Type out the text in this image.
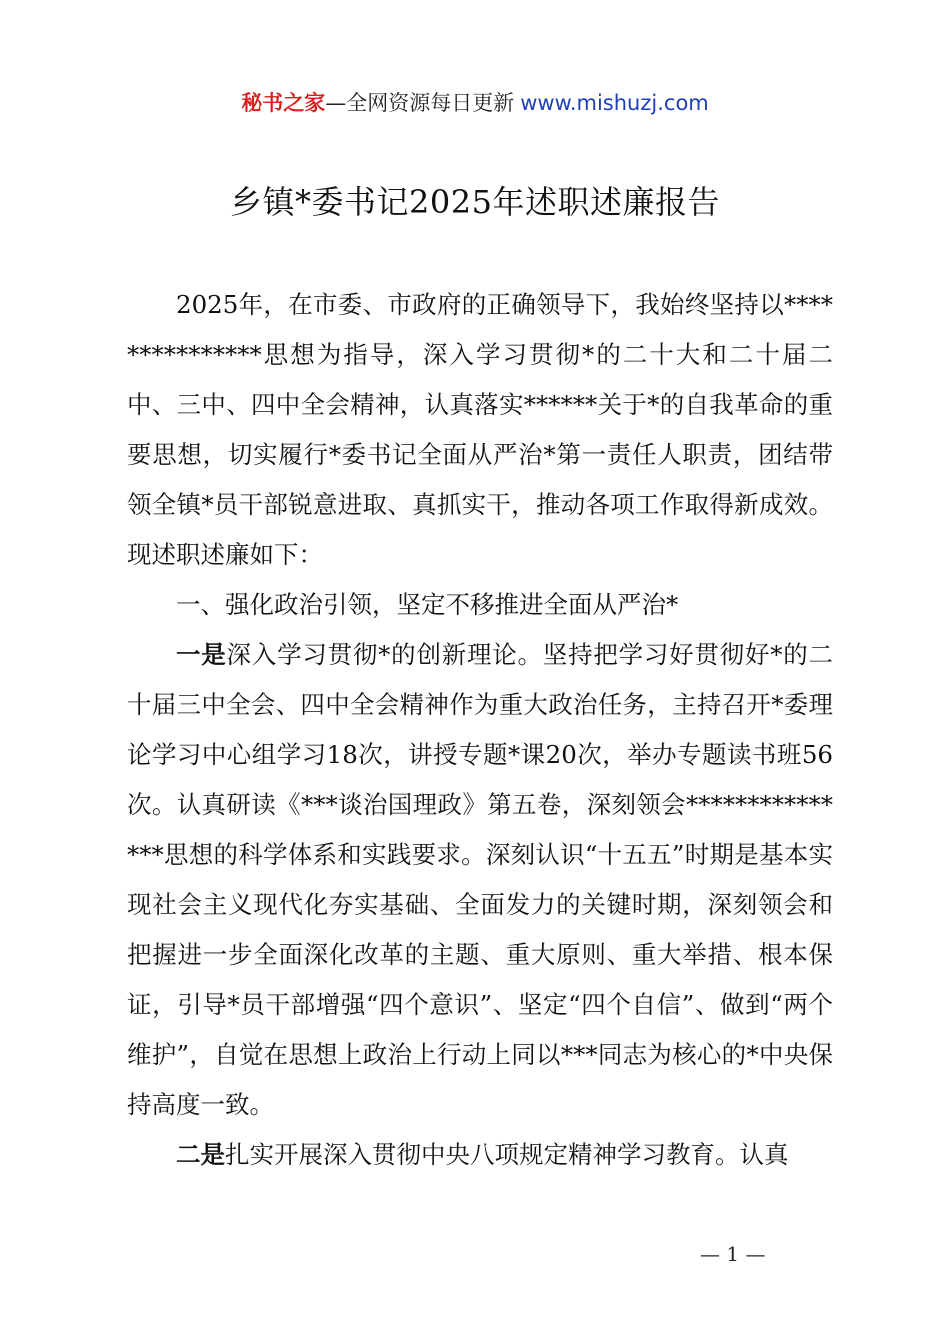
秘书之家—全网资源每日更新 www.mishuzj.com
乡镇*委书记2025年述职述廉报告

2025年，在市委、市政府的正确领导下，我始终坚持以***************思想为指导，深入学习贯彻*的二十大和二十届二中、三中、四中全会精神，认真落实******关于*的自我革命的重要思想，切实履行*委书记全面从严治*第一责任人职责，团结带领全镇*员干部锐意进取、真抓实干，推动各项工作取得新成效。现述职述廉如下：

一、强化政治引领，坚定不移推进全面从严治*

一是深入学习贯彻*的创新理论。坚持把学习好贯彻好*的二十届三中全会、四中全会精神作为重大政治任务，主持召开*委理论学习中心组学习18次，讲授专题*课20次，举办专题读书班56次。认真研读《***谈治国理政》第五卷，深刻领会***************思想的科学体系和实践要求。深刻认识“十五五”时期是基本实现社会主义现代化夯实基础、全面发力的关键时期，深刻领会和把握进一步全面深化改革的主题、重大原则、重大举措、根本保证，引导*员干部增强“四个意识”、坚定“四个自信”、做到“两个维护”，自觉在思想上政治上行动上同以***同志为核心的*中央保持高度一致。

二是扎实开展深入贯彻中央八项规定精神学习教育。认真

— 1 —
